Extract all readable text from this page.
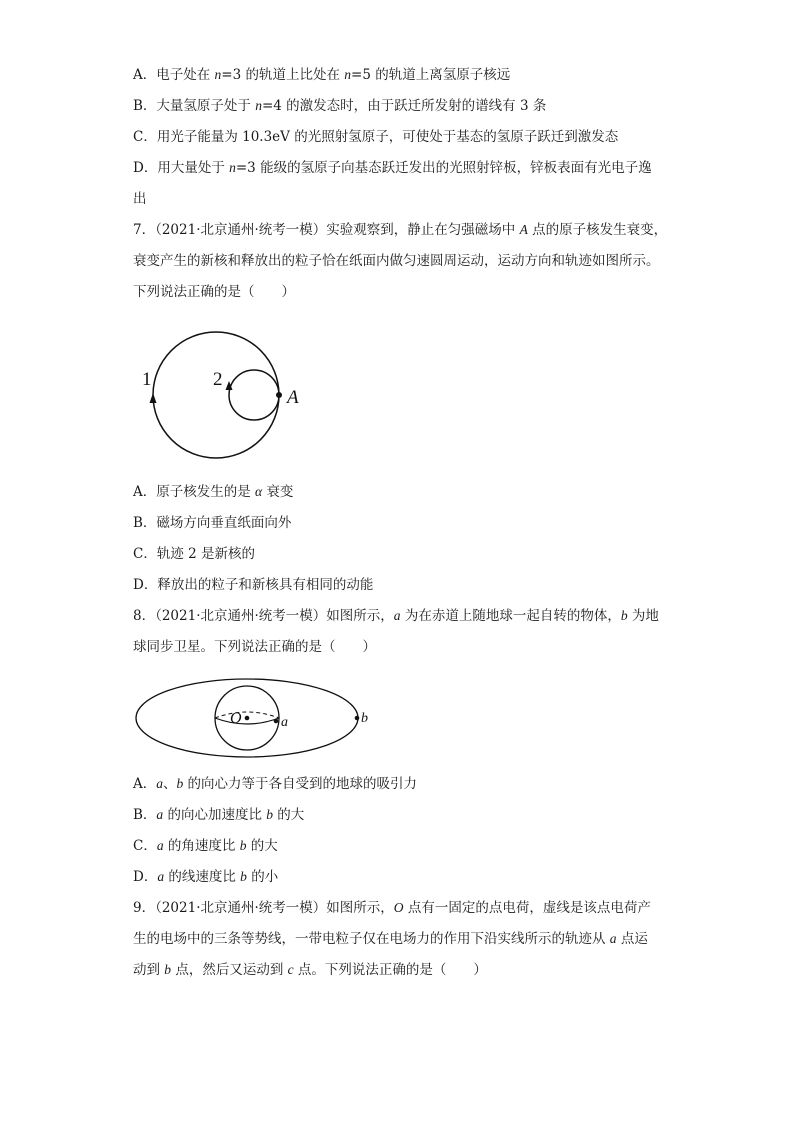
A．电子处在 n=3 的轨道上比处在 n=5 的轨道上离氢原子核远
B．大量氢原子处于 n=4 的激发态时，由于跃迁所发射的谱线有 3 条
C．用光子能量为 10.3eV 的光照射氢原子，可使处于基态的氢原子跃迁到激发态
D．用大量处于 n=3 能级的氢原子向基态跃迁发出的光照射锌板，锌板表面有光电子逸
出
7．（2021·北京通州·统考一模）实验观察到，静止在匀强磁场中 A 点的原子核发生衰变，
衰变产生的新核和释放出的粒子恰在纸面内做匀速圆周运动，运动方向和轨迹如图所示。
下列说法正确的是（　　）
1	2
A
A．原子核发生的是 α 衰变
B．磁场方向垂直纸面向外
C．轨迹 2 是新核的
D．释放出的粒子和新核具有相同的动能
8．（2021·北京通州·统考一模）如图所示，a 为在赤道上随地球一起自转的物体，b 为地
球同步卫星。下列说法正确的是（　　）
O	a	b
A．a、b 的向心力等于各自受到的地球的吸引力
B．a 的向心加速度比 b 的大
C．a 的角速度比 b 的大
D．a 的线速度比 b 的小
9．（2021·北京通州·统考一模）如图所示，O 点有一固定的点电荷，虚线是该点电荷产
生的电场中的三条等势线，一带电粒子仅在电场力的作用下沿实线所示的轨迹从 a 点运
动到 b 点，然后又运动到 c 点。下列说法正确的是（　　）
